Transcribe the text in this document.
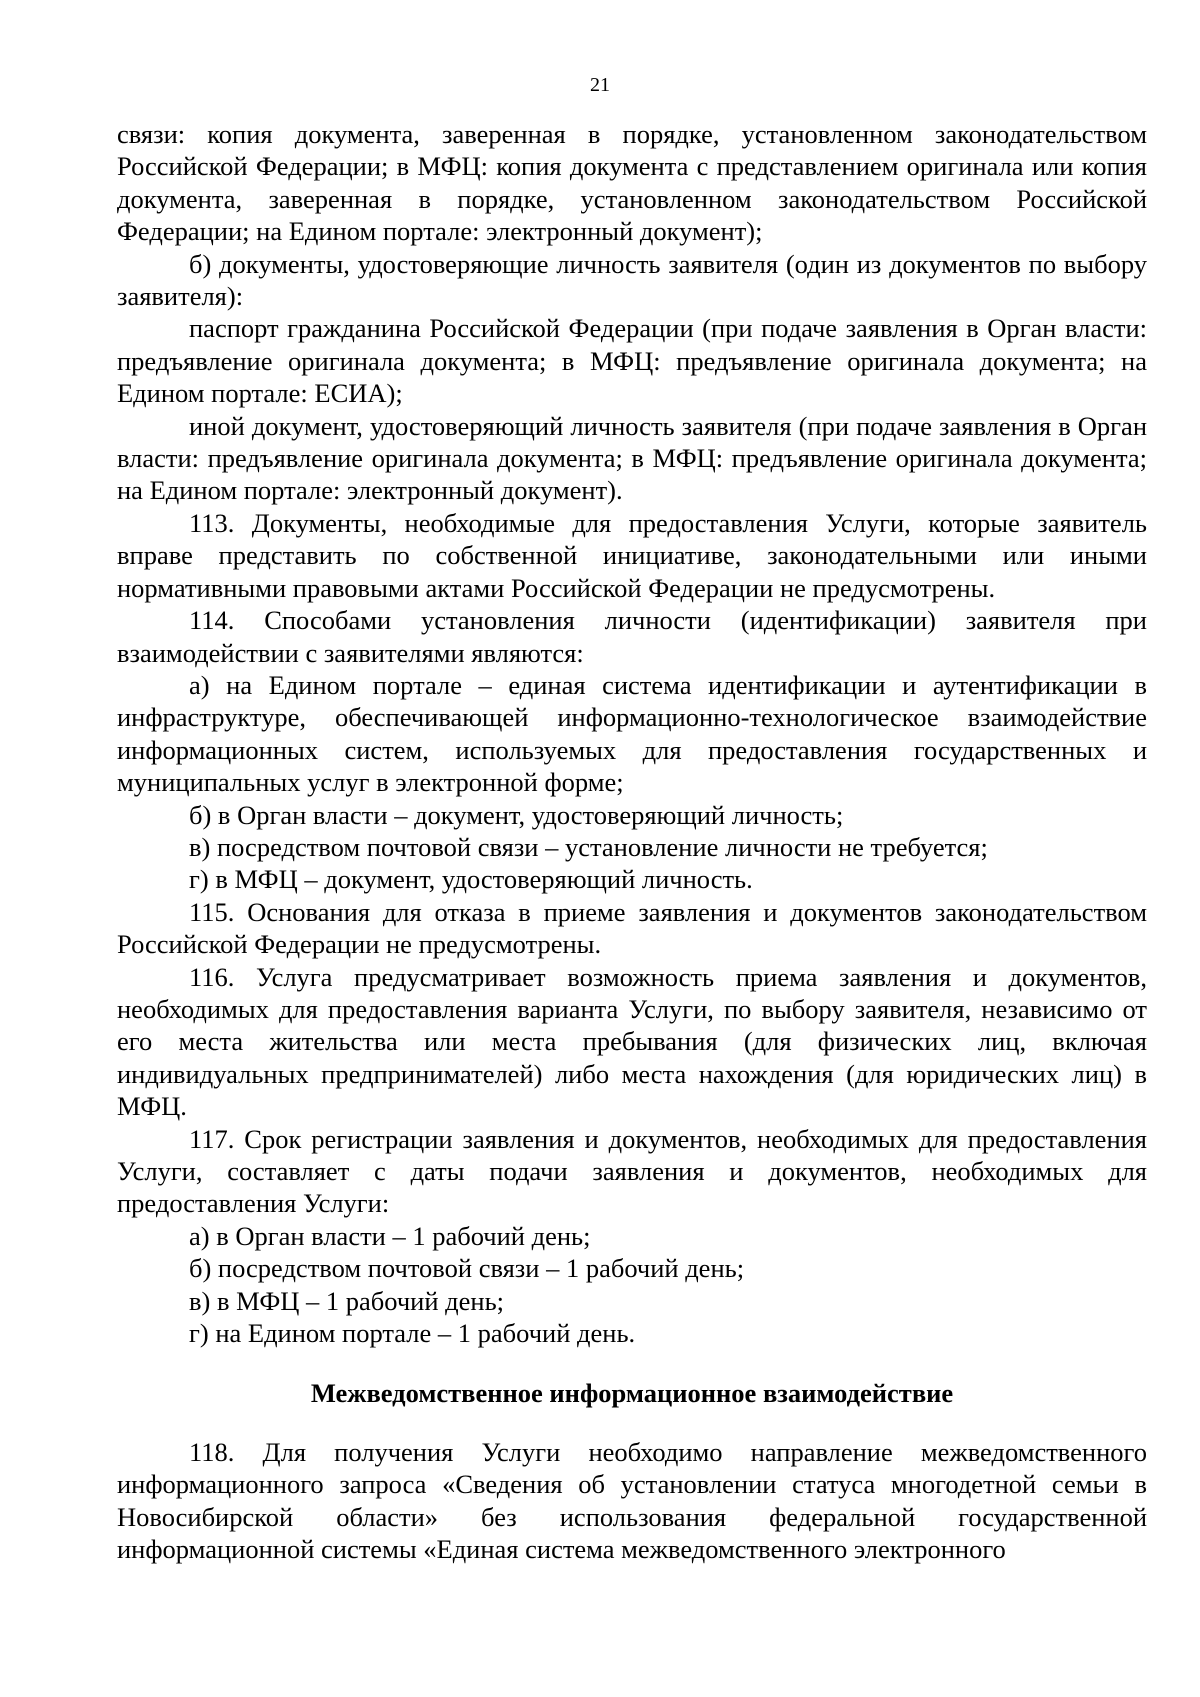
21

связи: копия документа, заверенная в порядке, установленном законодательством Российской Федерации; в МФЦ: копия документа с представлением оригинала или копия документа, заверенная в порядке, установленном законодательством Российской Федерации; на Едином портале: электронный документ);

б) документы, удостоверяющие личность заявителя (один из документов по выбору заявителя):

паспорт гражданина Российской Федерации (при подаче заявления в Орган власти: предъявление оригинала документа; в МФЦ: предъявление оригинала документа; на Едином портале: ЕСИА);

иной документ, удостоверяющий личность заявителя (при подаче заявления в Орган власти: предъявление оригинала документа; в МФЦ: предъявление оригинала документа; на Едином портале: электронный документ).

113. Документы, необходимые для предоставления Услуги, которые заявитель вправе представить по собственной инициативе, законодательными или иными нормативными правовыми актами Российской Федерации не предусмотрены.

114. Способами установления личности (идентификации) заявителя при взаимодействии с заявителями являются:

а) на Едином портале – единая система идентификации и аутентификации в инфраструктуре, обеспечивающей информационно-технологическое взаимодействие информационных систем, используемых для предоставления государственных и муниципальных услуг в электронной форме;

б) в Орган власти – документ, удостоверяющий личность;

в) посредством почтовой связи – установление личности не требуется;

г) в МФЦ – документ, удостоверяющий личность.

115. Основания для отказа в приеме заявления и документов законодательством Российской Федерации не предусмотрены.

116. Услуга предусматривает возможность приема заявления и документов, необходимых для предоставления варианта Услуги, по выбору заявителя, независимо от его места жительства или места пребывания (для физических лиц, включая индивидуальных предпринимателей) либо места нахождения (для юридических лиц) в МФЦ.

117. Срок регистрации заявления и документов, необходимых для предоставления Услуги, составляет с даты подачи заявления и документов, необходимых для предоставления Услуги:

а) в Орган власти – 1 рабочий день;

б) посредством почтовой связи – 1 рабочий день;

в) в МФЦ – 1 рабочий день;

г) на Едином портале – 1 рабочий день.

Межведомственное информационное взаимодействие

118. Для получения Услуги необходимо направление межведомственного информационного запроса «Сведения об установлении статуса многодетной семьи в Новосибирской области» без использования федеральной государственной информационной системы «Единая система межведомственного электронного
